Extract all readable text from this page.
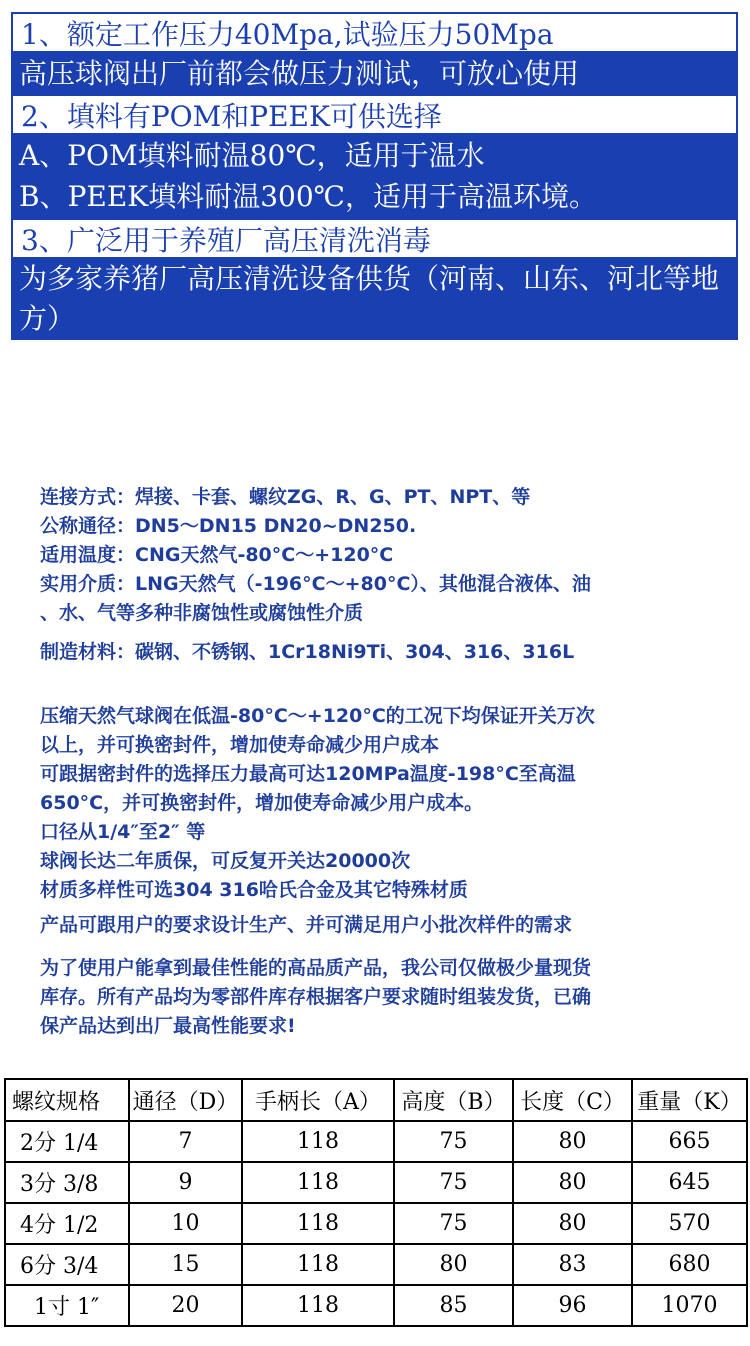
1、额定工作压力40Mpa,试验压力50Mpa
高压球阀出厂前都会做压力测试，可放心使用
2、填料有POM和PEEK可供选择
A、POM填料耐温80℃，适用于温水
B、PEEK填料耐温300℃，适用于高温环境。
3、广泛用于养殖厂高压清洗消毒
为多家养猪厂高压清洗设备供货（河南、山东、河北等地方）

连接方式：焊接、卡套、螺纹ZG、R、G、PT、NPT、等

公称通径：DN5～DN15 DN20~DN250.

适用温度：CNG天然气-80°C～+120°C

实用介质：LNG天然气（-196°C～+80°C）、其他混合液体、油

、水、气等多种非腐蚀性或腐蚀性介质

制造材料：碳钢、不锈钢、1Cr18Ni9Ti、304、316、316L

压缩天然气球阀在低温-80°C～+120°C的工况下均保证开关万次

以上，并可换密封件，增加使寿命减少用户成本

可跟据密封件的选择压力最高可达120MPa温度-198°C至高温

650°C，并可换密封件，增加使寿命减少用户成本。

口径从1/4″至2″ 等

球阀长达二年质保，可反复开关达20000次

材质多样性可选304 316哈氏合金及其它特殊材质

产品可跟用户的要求设计生产、并可满足用户小批次样件的需求

为了使用户能拿到最佳性能的高品质产品，我公司仅做极少量现货

库存。所有产品均为零部件库存根据客户要求随时组装发货，已确

保产品达到出厂最高性能要求!

螺纹规格	通径（D）	手柄长（A）	高度（B）	长度（C）	重量（K）
2分 1/4	7	118	75	80	665
3分 3/8	9	118	75	80	645
4分 1/2	10	118	75	80	570
6分 3/4	15	118	80	83	680
1寸 1″	20	118	85	96	1070
